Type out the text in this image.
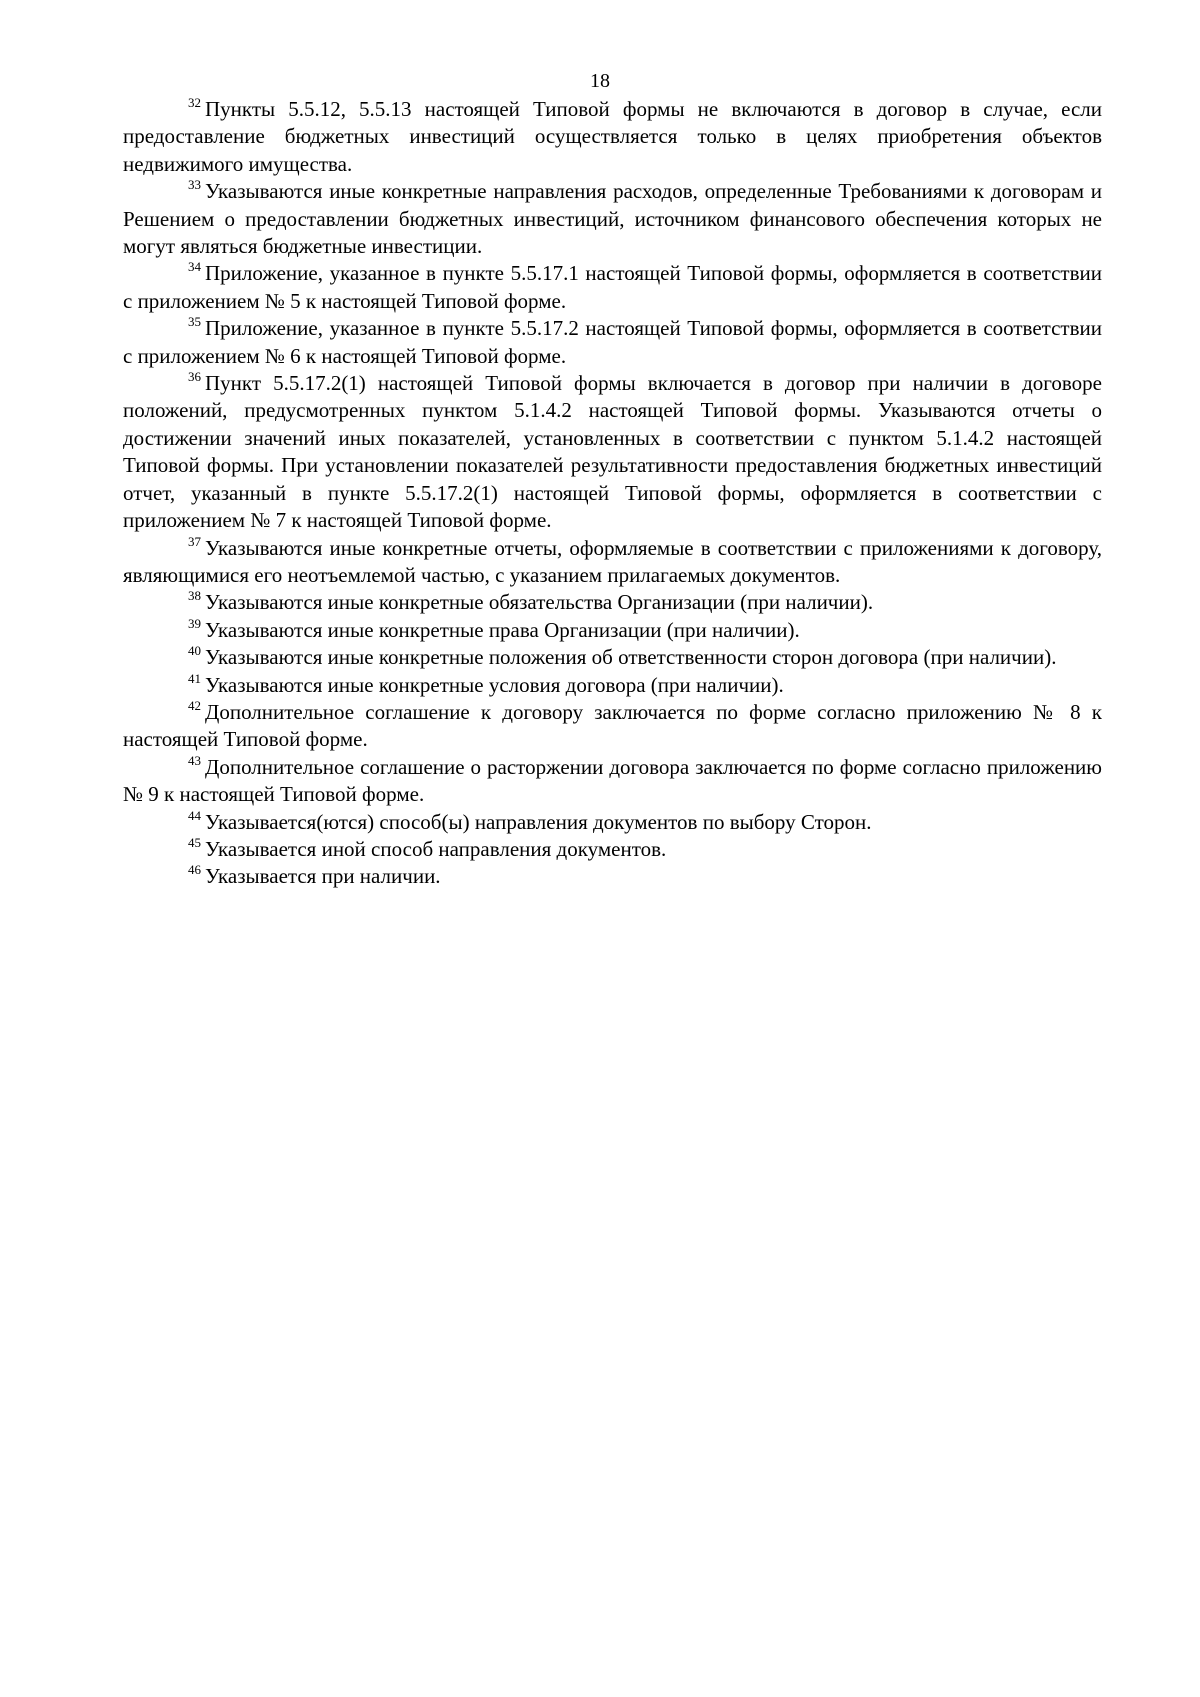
18

$^{32}$ Пункты 5.5.12, 5.5.13 настоящей Типовой формы не включаются в договор в случае, если предоставление бюджетных инвестиций осуществляется только в целях приобретения объектов недвижимого имущества.

$^{33}$ Указываются иные конкретные направления расходов, определенные Требованиями к договорам и Решением о предоставлении бюджетных инвестиций, источником финансового обеспечения которых не могут являться бюджетные инвестиции.

$^{34}$ Приложение, указанное в пункте 5.5.17.1 настоящей Типовой формы, оформляется в соответствии с приложением № 5 к настоящей Типовой форме.

$^{35}$ Приложение, указанное в пункте 5.5.17.2 настоящей Типовой формы, оформляется в соответствии с приложением № 6 к настоящей Типовой форме.

$^{36}$ Пункт 5.5.17.2(1) настоящей Типовой формы включается в договор при наличии в договоре положений, предусмотренных пунктом 5.1.4.2 настоящей Типовой формы. Указываются отчеты о достижении значений иных показателей, установленных в соответствии с пунктом 5.1.4.2 настоящей Типовой формы. При установлении показателей результативности предоставления бюджетных инвестиций отчет, указанный в пункте 5.5.17.2(1) настоящей Типовой формы, оформляется в соответствии с приложением № 7 к настоящей Типовой форме.

$^{37}$ Указываются иные конкретные отчеты, оформляемые в соответствии с приложениями к договору, являющимися его неотъемлемой частью, с указанием прилагаемых документов.

$^{38}$ Указываются иные конкретные обязательства Организации (при наличии).

$^{39}$ Указываются иные конкретные права Организации (при наличии).

$^{40}$ Указываются иные конкретные положения об ответственности сторон договора (при наличии).

$^{41}$ Указываются иные конкретные условия договора (при наличии).

$^{42}$ Дополнительное соглашение к договору заключается по форме согласно приложению № 8 к настоящей Типовой форме.

$^{43}$ Дополнительное соглашение о расторжении договора заключается по форме согласно приложению № 9 к настоящей Типовой форме.

$^{44}$ Указывается(ются) способ(ы) направления документов по выбору Сторон.

$^{45}$ Указывается иной способ направления документов.

$^{46}$ Указывается при наличии.
